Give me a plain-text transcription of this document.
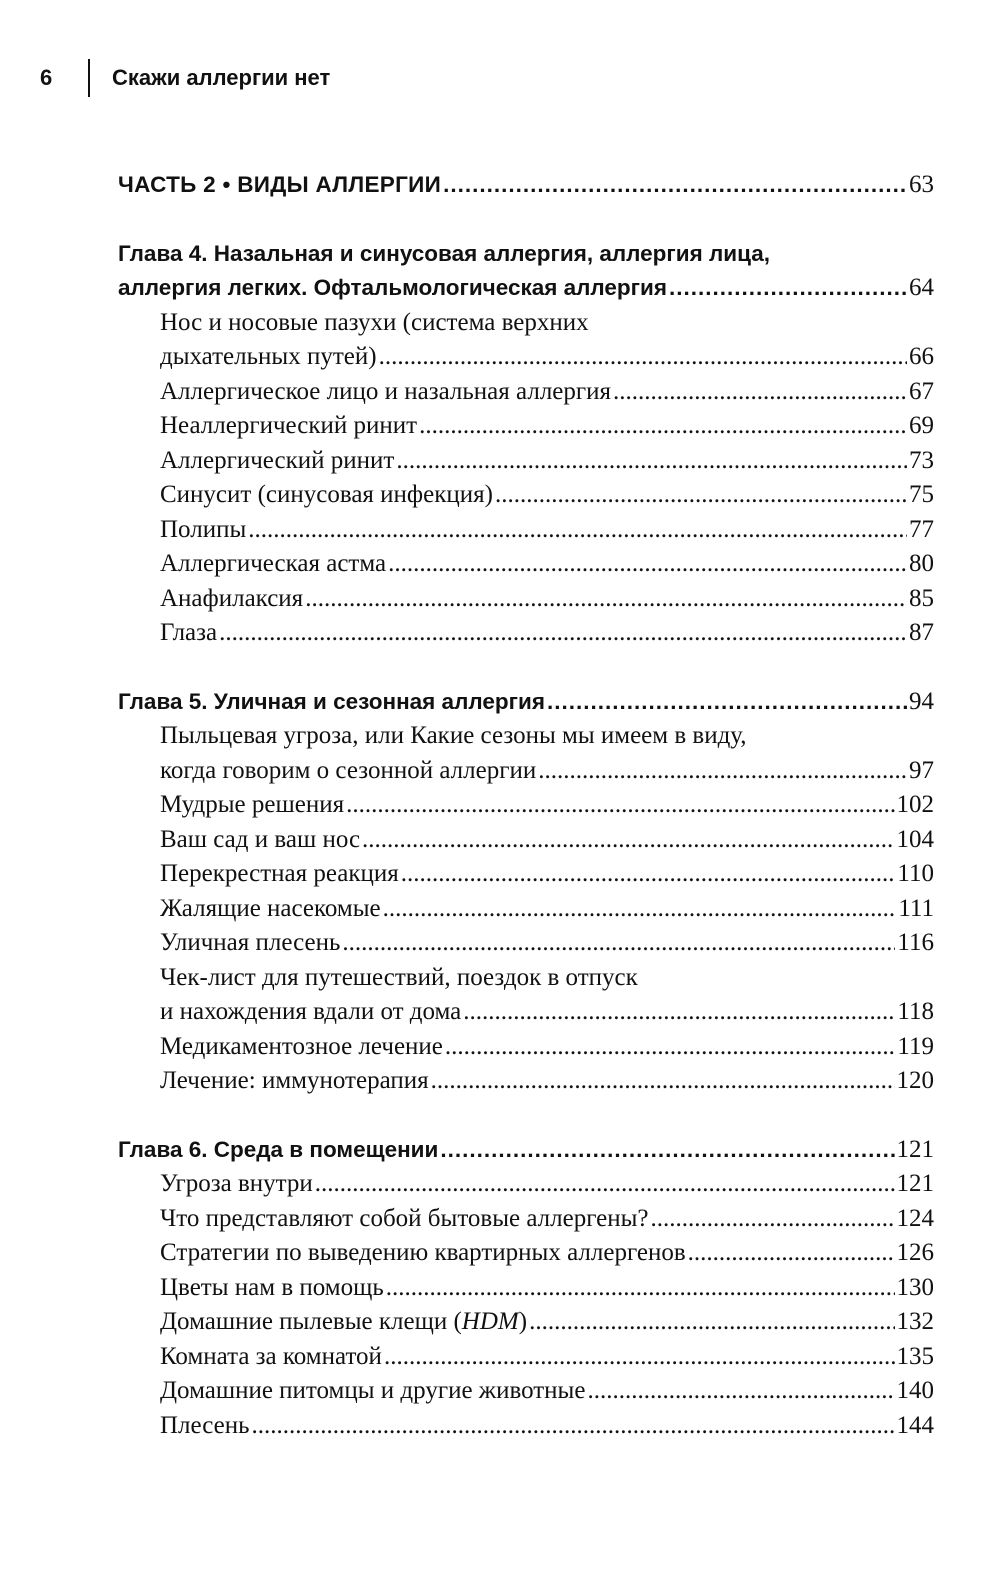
6	Скажи аллергии нет
ЧАСТЬ 2 • ВИДЫ АЛЛЕРГИИ .....	63
Глава 4. Назальная и синусовая аллергия, аллергия лица,
аллергия легких. Офтальмологическая аллергия .....	64
Нос и носовые пазухи (система верхних
дыхательных путей) .....	66
Аллергическое лицо и назальная аллергия .....	67
Неаллергический ринит .....	69
Аллергический ринит .....	73
Синусит (синусовая инфекция) .....	75
Полипы .....	77
Аллергическая астма .....	80
Анафилаксия .....	85
Глаза .....	87
Глава 5. Уличная и сезонная аллергия .....	94
Пыльцевая угроза, или Какие сезоны мы имеем в виду,
когда говорим о сезонной аллергии .....	97
Мудрые решения .....	102
Ваш сад и ваш нос .....	104
Перекрестная реакция .....	110
Жалящие насекомые .....	111
Уличная плесень .....	116
Чек-лист для путешествий, поездок в отпуск
и нахождения вдали от дома .....	118
Медикаментозное лечение .....	119
Лечение: иммунотерапия .....	120
Глава 6. Среда в помещении .....	121
Угроза внутри .....	121
Что представляют собой бытовые аллергены? .....	124
Стратегии по выведению квартирных аллергенов .....	126
Цветы нам в помощь .....	130
Домашние пылевые клещи (HDM) .....	132
Комната за комнатой .....	135
Домашние питомцы и другие животные .....	140
Плесень .....	144
